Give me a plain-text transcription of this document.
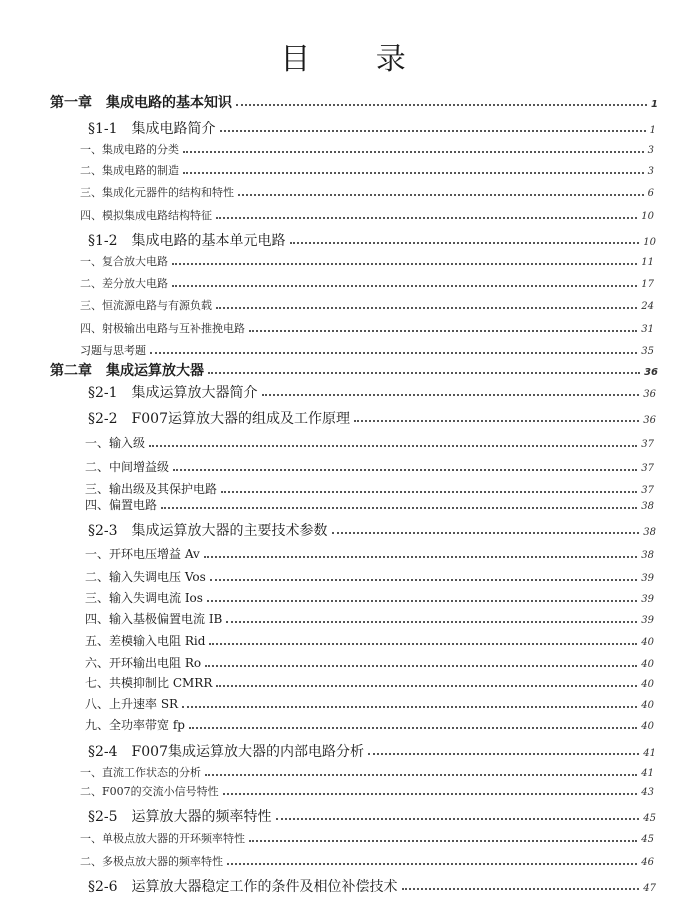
目 录
第一章　集成电路的基本知识	1
§1-1　集成电路简介	1
一、集成电路的分类	3
二、集成电路的制造	3
三、集成化元器件的结构和特性	6
四、模拟集成电路结构特征	10
§1-2　集成电路的基本单元电路	10
一、复合放大电路	11
二、差分放大电路	17
三、恒流源电路与有源负载	24
四、射极输出电路与互补推挽电路	31
习题与思考题	35
第二章　集成运算放大器	36
§2-1　集成运算放大器简介	36
§2-2　F007运算放大器的组成及工作原理	36
一、输入级	37
二、中间增益级	37
三、输出级及其保护电路	37
四、偏置电路	38
§2-3　集成运算放大器的主要技术参数	38
一、开环电压增益 Av	38
二、输入失调电压 Vos	39
三、输入失调电流 Ios	39
四、输入基极偏置电流 IB	39
五、差模输入电阻 Rid	40
六、开环输出电阻 Ro	40
七、共模抑制比 CMRR	40
八、上升速率 SR	40
九、全功率带宽 fp	40
§2-4　F007集成运算放大器的内部电路分析	41
一、直流工作状态的分析	41
二、F007的交流小信号特性	43
§2-5　运算放大器的频率特性	45
一、单极点放大器的开环频率特性	45
二、多极点放大器的频率特性	46
§2-6　运算放大器稳定工作的条件及相位补偿技术	47
